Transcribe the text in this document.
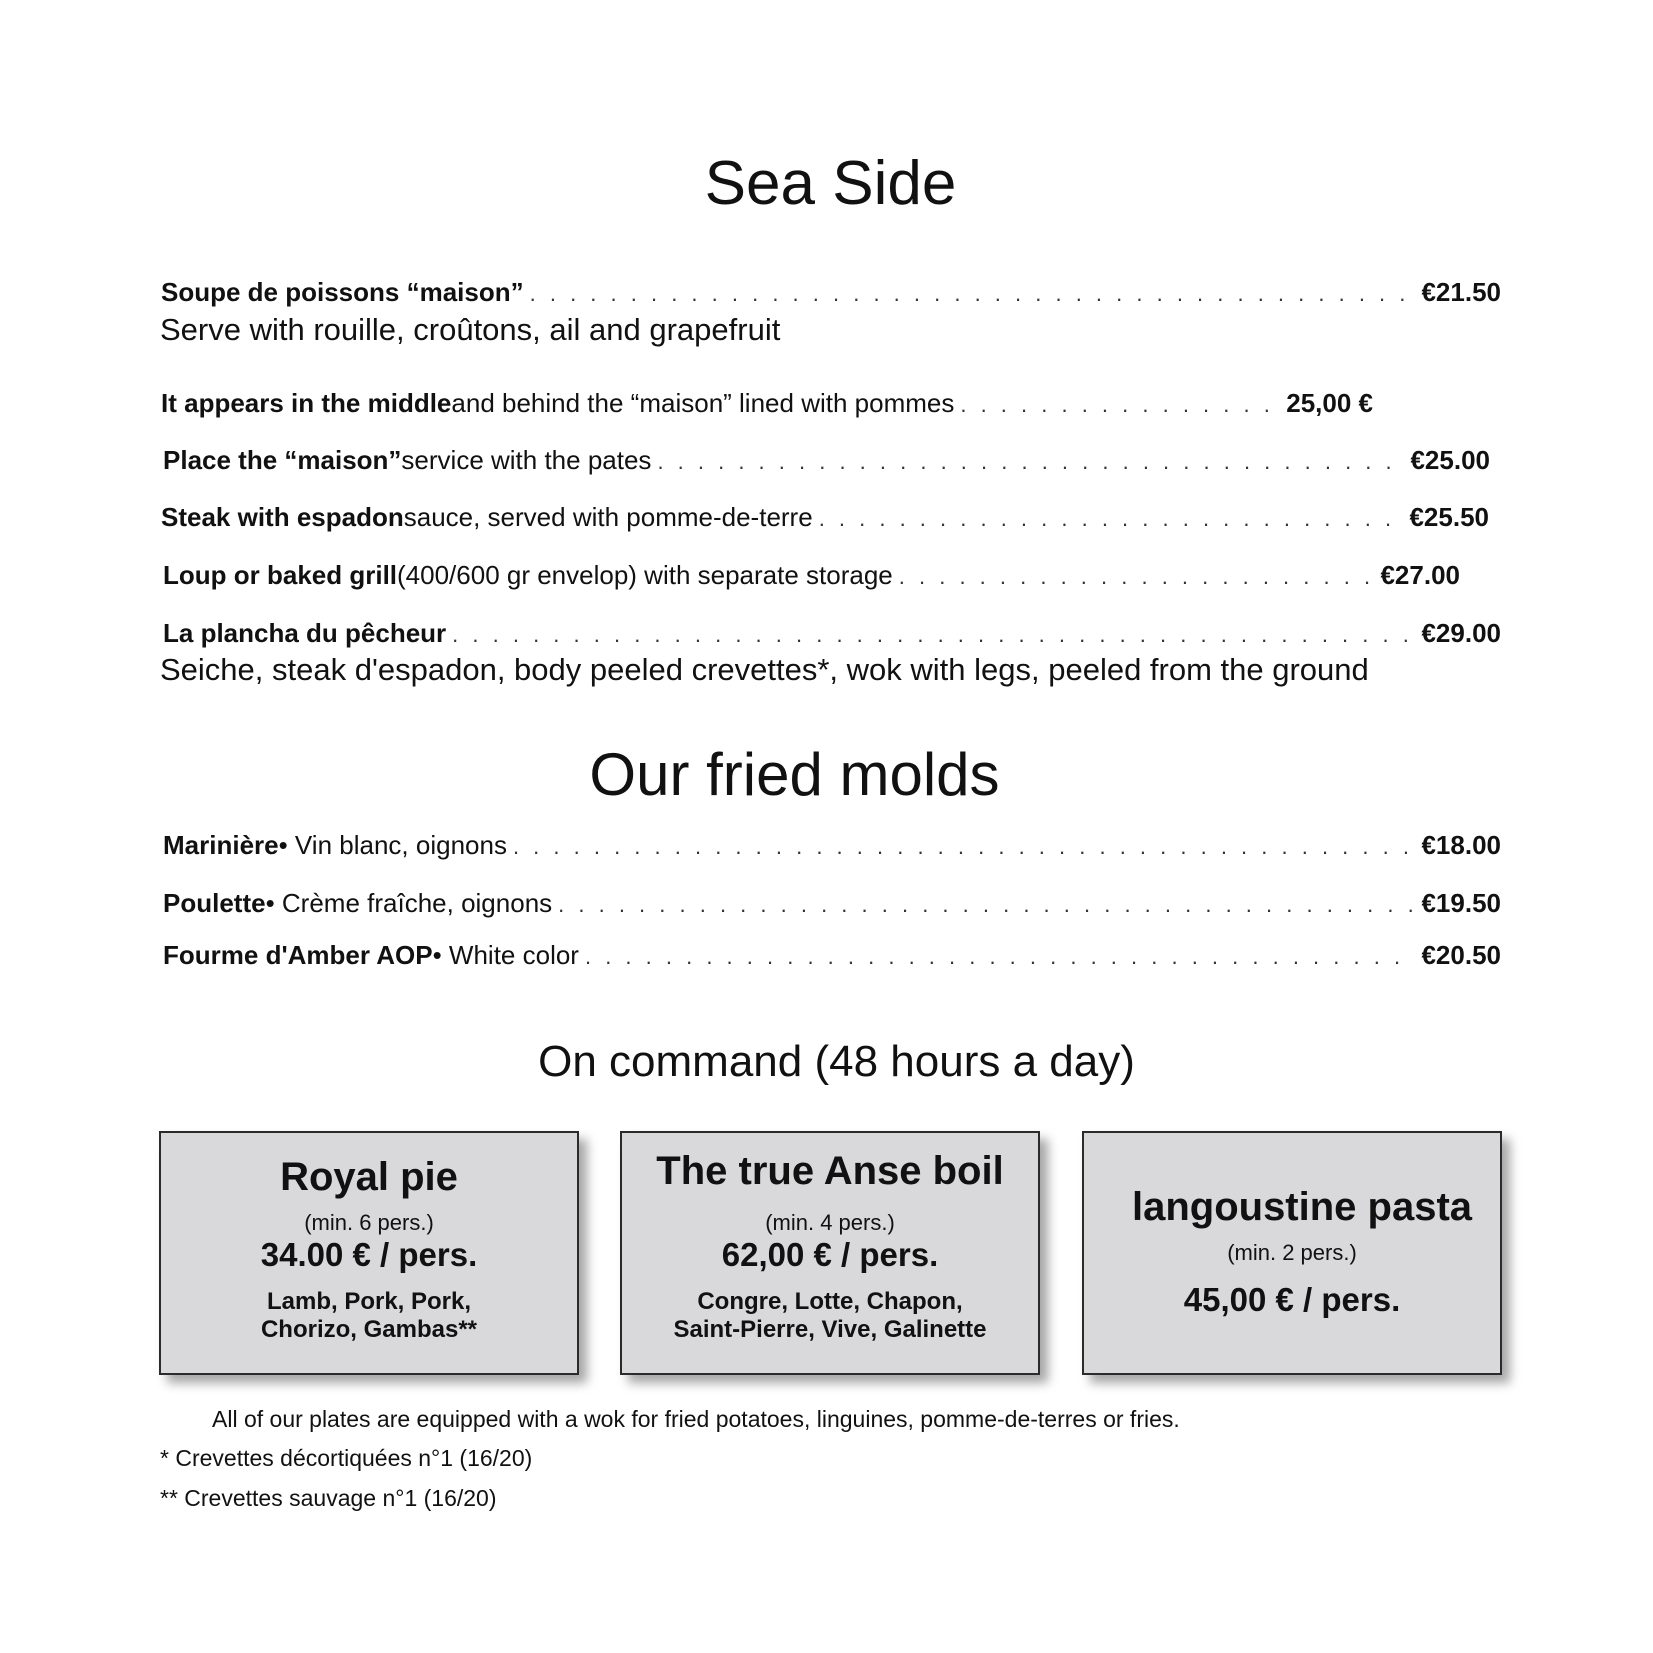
Sea Side
Soupe de poissons “maison” . . .	€21.50
Serve with rouille, croûtons, ail and grapefruit
It appears in the middle and behind the “maison” lined with pommes . . .	25,00 €
Place the “maison” service with the pates . . .	€25.00
Steak with espadon sauce, served with pomme-de-terre . . .	€25.50
Loup or baked grill (400/600 gr envelop) with separate storage . . .	€27.00
La plancha du pêcheur . . .	€29.00
Seiche, steak d'espadon, body peeled crevettes*, wok with legs, peeled from the ground
Our fried molds
Marinière • Vin blanc, oignons . . .	€18.00
Poulette • Crème fraîche, oignons . . .	€19.50
Fourme d'Amber AOP • White color . . .	€20.50
On command (48 hours a day)
Royal pie
(min. 6 pers.)
34.00 € / pers.
Lamb, Pork, Pork,
Chorizo, Gambas**
The true Anse boil
(min. 4 pers.)
62,00 € / pers.
Congre, Lotte, Chapon,
Saint-Pierre, Vive, Galinette
langoustine pasta
(min. 2 pers.)
45,00 € / pers.
All of our plates are equipped with a wok for fried potatoes, linguines, pomme-de-terres or fries.
* Crevettes décortiquées n°1 (16/20)
** Crevettes sauvage n°1 (16/20)
